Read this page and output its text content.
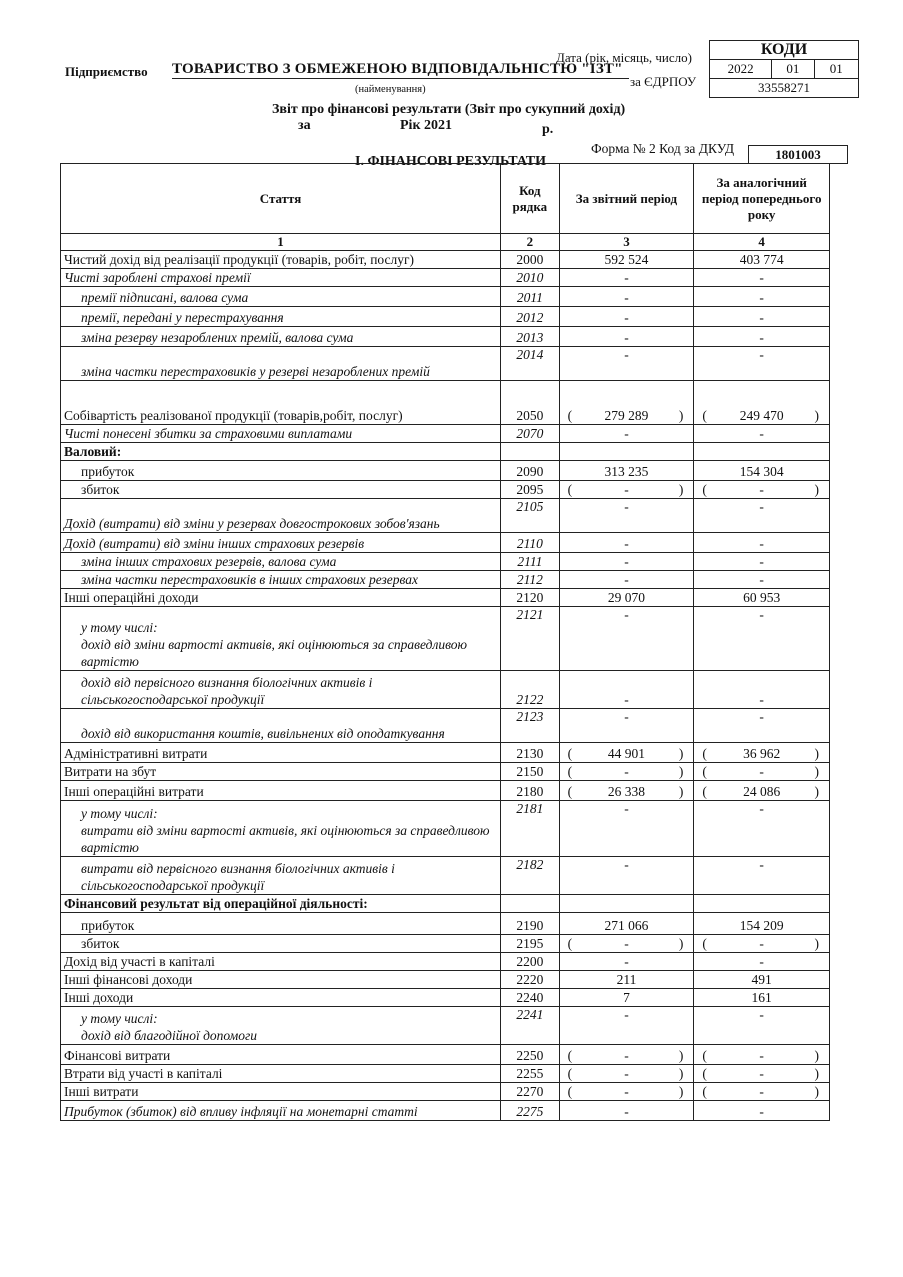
Підприємство ТОВАРИСТВО З ОБМЕЖЕНОЮ ВІДПОВІДАЛЬНІСТЮ "ІЗТ"
(найменування)
Дата (рік, місяць, число)
за ЄДРПОУ
КОДИ
2022	01	01
33558271
Звіт про фінансові результати (Звіт про сукупний дохід)
за	Рік 2021	р.
Форма № 2 Код за ДКУД	1801003
І. ФІНАНСОВІ РЕЗУЛЬТАТИ
Стаття	Код рядка	За звітний період	За аналогічний період попереднього року
1	2	3	4
Чистий дохід від реалізації продукції (товарів, робіт, послуг)	2000	592 524	403 774
Чисті зароблені страхові премії	2010	-	-
премії підписані, валова сума	2011	-	-
премії, передані у перестрахування	2012	-	-
зміна резерву незароблених премій, валова сума	2013	-	-
зміна частки перестраховиків у резерві незароблених премій	2014	-	-
Собівартість реалізованої продукції (товарів,робіт, послуг)	2050	( 279 289 )	( 249 470 )

Чисті понесені збитки за страховими виплатами	2070	-	-
Валовий:			
прибуток	2090	313 235	154 304
збиток	2095	( - )	( - )

Дохід (витрати) від зміни у резервах довгострокових зобов'язань	2105	-	-
Дохід (витрати) від зміни інших страхових резервів	2110	-	-
зміна інших страхових резервів, валова сума	2111	-	-
зміна частки перестраховиків в інших страхових резервах	2112	-	-
Інші операційні доходи	2120	29 070	60 953
у тому числі:
дохід від зміни вартості активів, які оцінюються за справедливою вартістю	2121	-	-
дохід від первісного визнання біологічних активів і сільськогосподарської продукції	2122	-	-
дохід від використання коштів, вивільнених від оподаткування	2123	-	-
Адміністративні витрати	2130	( 44 901 )	( 36 962 )

Витрати на збут	2150	( - )	( - )

Інші операційні витрати	2180	( 26 338 )	( 24 086 )

у тому числі:
витрати від зміни вартості активів, які оцінюються за справедливою вартістю	2181	-	-
витрати від первісного визнання біологічних активів і сільськогосподарської продукції	2182	-	-
Фінансовий результат від операційної діяльності:			
прибуток	2190	271 066	154 209
збиток	2195	( - )	( - )

Дохід від участі в капіталі	2200	-	-
Інші фінансові доходи	2220	211	491
Інші доходи	2240	7	161
у тому числі:
дохід від благодійної допомоги	2241	-	-
Фінансові витрати	2250	( - )	( - )

Втрати від участі в капіталі	2255	( - )	( - )

Інші витрати	2270	( - )	( - )

Прибуток (збиток) від впливу інфляції на монетарні статті	2275	-	-
